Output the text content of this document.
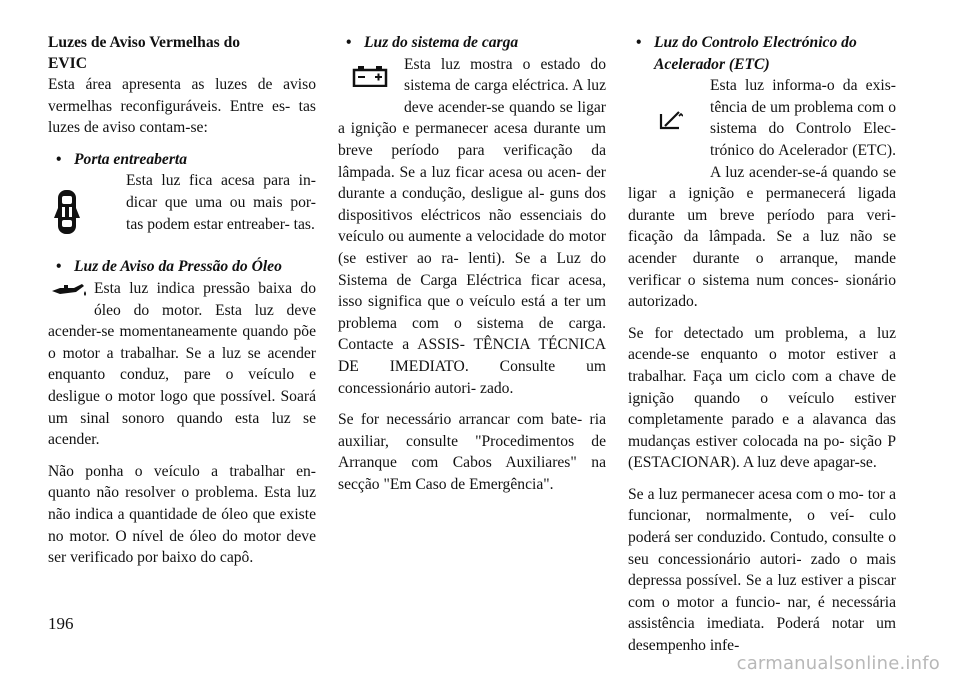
Luzes de Aviso Vermelhas do
EVIC

Esta área apresenta as luzes de aviso vermelhas reconfiguráveis. Entre es- tas luzes de aviso contam-se:

• Porta entreaberta

Esta luz fica acesa para in- dicar que uma ou mais por- tas podem estar entreaber- tas.

• Luz de Aviso da Pressão do Óleo

Esta luz indica pressão baixa do óleo do motor. Esta luz deve acender-se momentaneamente quando põe o motor a trabalhar. Se a luz se acender enquanto conduz, pare o veículo e desligue o motor logo que possível. Soará um sinal sonoro quando esta luz se acender.

Não ponha o veículo a trabalhar en- quanto não resolver o problema. Esta luz não indica a quantidade de óleo que existe no motor. O nível de óleo do motor deve ser verificado por baixo do capô.

• Luz do sistema de carga

Esta luz mostra o estado do sistema de carga eléctrica. A luz deve acender-se quando se ligar a ignição e permanecer acesa durante um breve período para verificação da lâmpada. Se a luz ficar acesa ou acen- der durante a condução, desligue al- guns dos dispositivos eléctricos não essenciais do veículo ou aumente a velocidade do motor (se estiver ao ra- lenti). Se a Luz do Sistema de Carga Eléctrica ficar acesa, isso significa que o veículo está a ter um problema com o sistema de carga. Contacte a ASSIS- TÊNCIA TÉCNICA DE IMEDIATO. Consulte um concessionário autori- zado.

Se for necessário arrancar com bate- ria auxiliar, consulte "Procedimentos de Arranque com Cabos Auxiliares" na secção "Em Caso de Emergência".

• Luz do Controlo Electrónico do Acelerador (ETC)

Esta luz informa-o da exis- tência de um problema com o sistema do Controlo Elec- trónico do Acelerador (ETC). A luz acender-se-á quando se ligar a ignição e permanecerá ligada durante um breve período para veri- ficação da lâmpada. Se a luz não se acender durante o arranque, mande verificar o sistema num conces- sionário autorizado.

Se for detectado um problema, a luz acende-se enquanto o motor estiver a trabalhar. Faça um ciclo com a chave de ignição quando o veículo estiver completamente parado e a alavanca das mudanças estiver colocada na po- sição P (ESTACIONAR). A luz deve apagar-se.

Se a luz permanecer acesa com o mo- tor a funcionar, normalmente, o veí- culo poderá ser conduzido. Contudo, consulte o seu concessionário autori- zado o mais depressa possível. Se a luz estiver a piscar com o motor a funcio- nar, é necessária assistência imediata. Poderá notar um desempenho infe-

196
carmanualsonline.info
